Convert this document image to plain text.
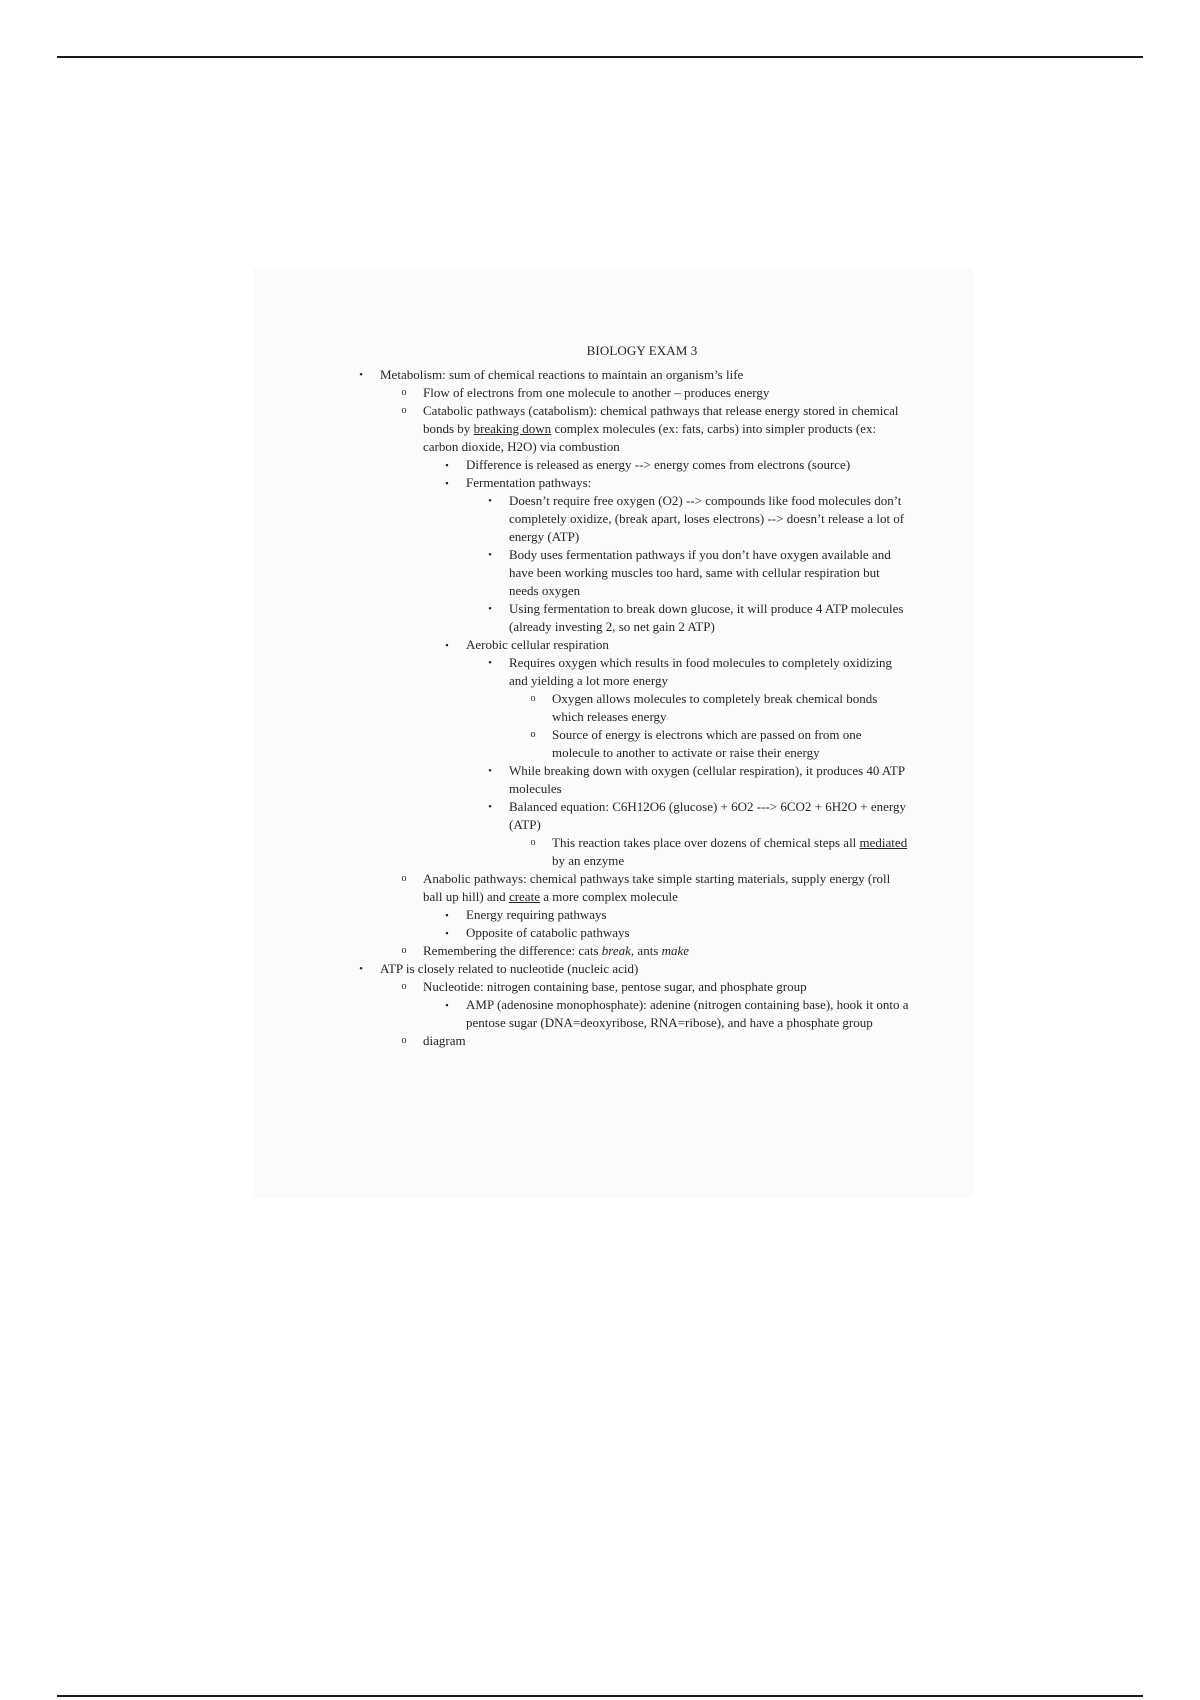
BIOLOGY EXAM 3
•	Metabolism: sum of chemical reactions to maintain an organism’s life
o Flow of electrons from one molecule to another – produces energy
o Catabolic pathways (catabolism): chemical pathways that release energy stored in chemical bonds by breaking down complex molecules (ex: fats, carbs) into simpler products (ex: carbon dioxide, H2O) via combustion
▪	Difference is released as energy --> energy comes from electrons (source)
▪	Fermentation pathways:
•	Doesn’t require free oxygen (O2) --> compounds like food molecules don’t completely oxidize, (break apart, loses electrons) --> doesn’t release a lot of energy (ATP)
•	Body uses fermentation pathways if you don’t have oxygen available and have been working muscles too hard, same with cellular respiration but needs oxygen
•	Using fermentation to break down glucose, it will produce 4 ATP molecules (already investing 2, so net gain 2 ATP)
▪	Aerobic cellular respiration
•	Requires oxygen which results in food molecules to completely oxidizing and yielding a lot more energy
o Oxygen allows molecules to completely break chemical bonds which releases energy
o Source of energy is electrons which are passed on from one molecule to another to activate or raise their energy
•	While breaking down with oxygen (cellular respiration), it produces 40 ATP molecules
•	Balanced equation: C6H12O6 (glucose) + 6O2 ---> 6CO2 + 6H2O + energy (ATP)
o This reaction takes place over dozens of chemical steps all mediated by an enzyme
o Anabolic pathways: chemical pathways take simple starting materials, supply energy (roll ball up hill) and create a more complex molecule
▪	Energy requiring pathways
▪	Opposite of catabolic pathways
o Remembering the difference: cats break, ants make
•	ATP is closely related to nucleotide (nucleic acid)
o Nucleotide: nitrogen containing base, pentose sugar, and phosphate group
▪	AMP (adenosine monophosphate): adenine (nitrogen containing base), hook it onto a pentose sugar (DNA=deoxyribose, RNA=ribose), and have a phosphate group
o diagram
